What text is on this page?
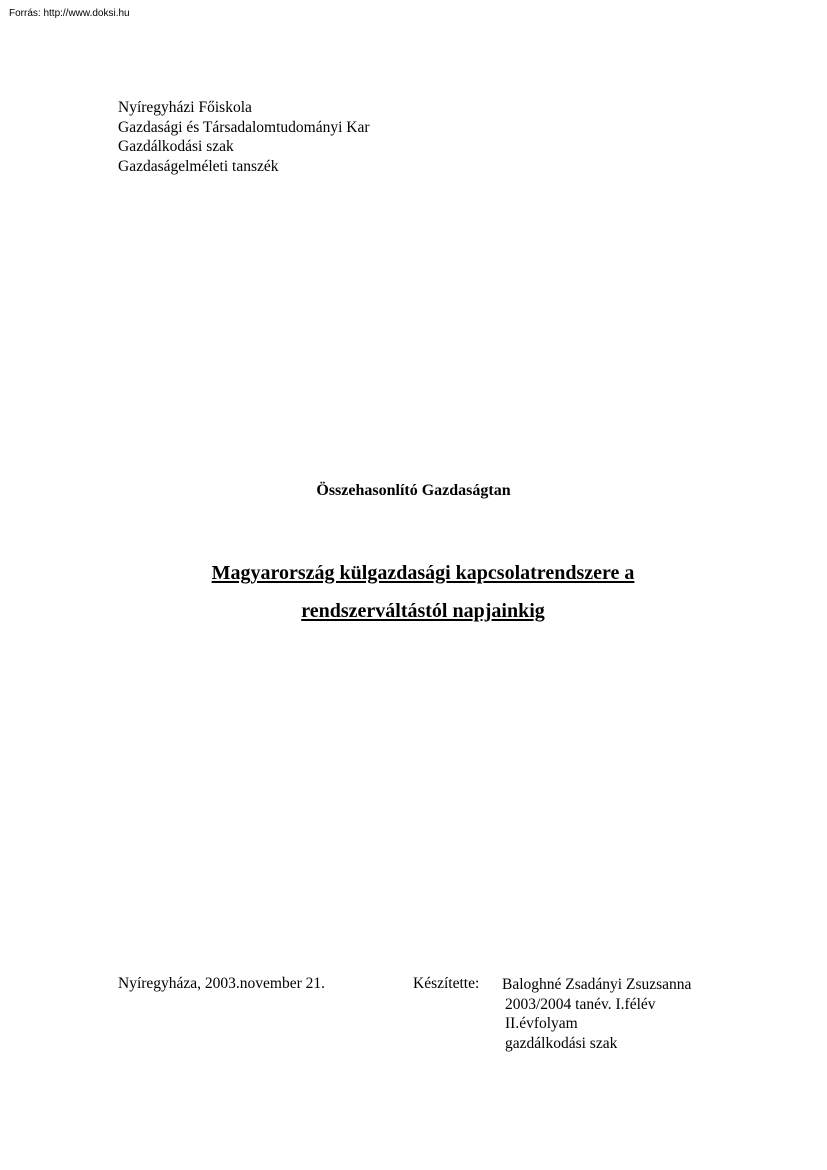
Forrás: http://www.doksi.hu
Nyíregyházi Főiskola
Gazdasági és Társadalomtudományi Kar
Gazdálkodási szak
Gazdaságelméleti tanszék
Összehasonlító Gazdaságtan
Magyarország külgazdasági kapcsolatrendszere a
rendszerváltástól napjainkig
Nyíregyháza, 2003.november 21.	Készítette: Baloghné Zsadányi Zsuzsanna
2003/2004 tanév. I.félév
II.évfolyam
gazdálkodási szak
